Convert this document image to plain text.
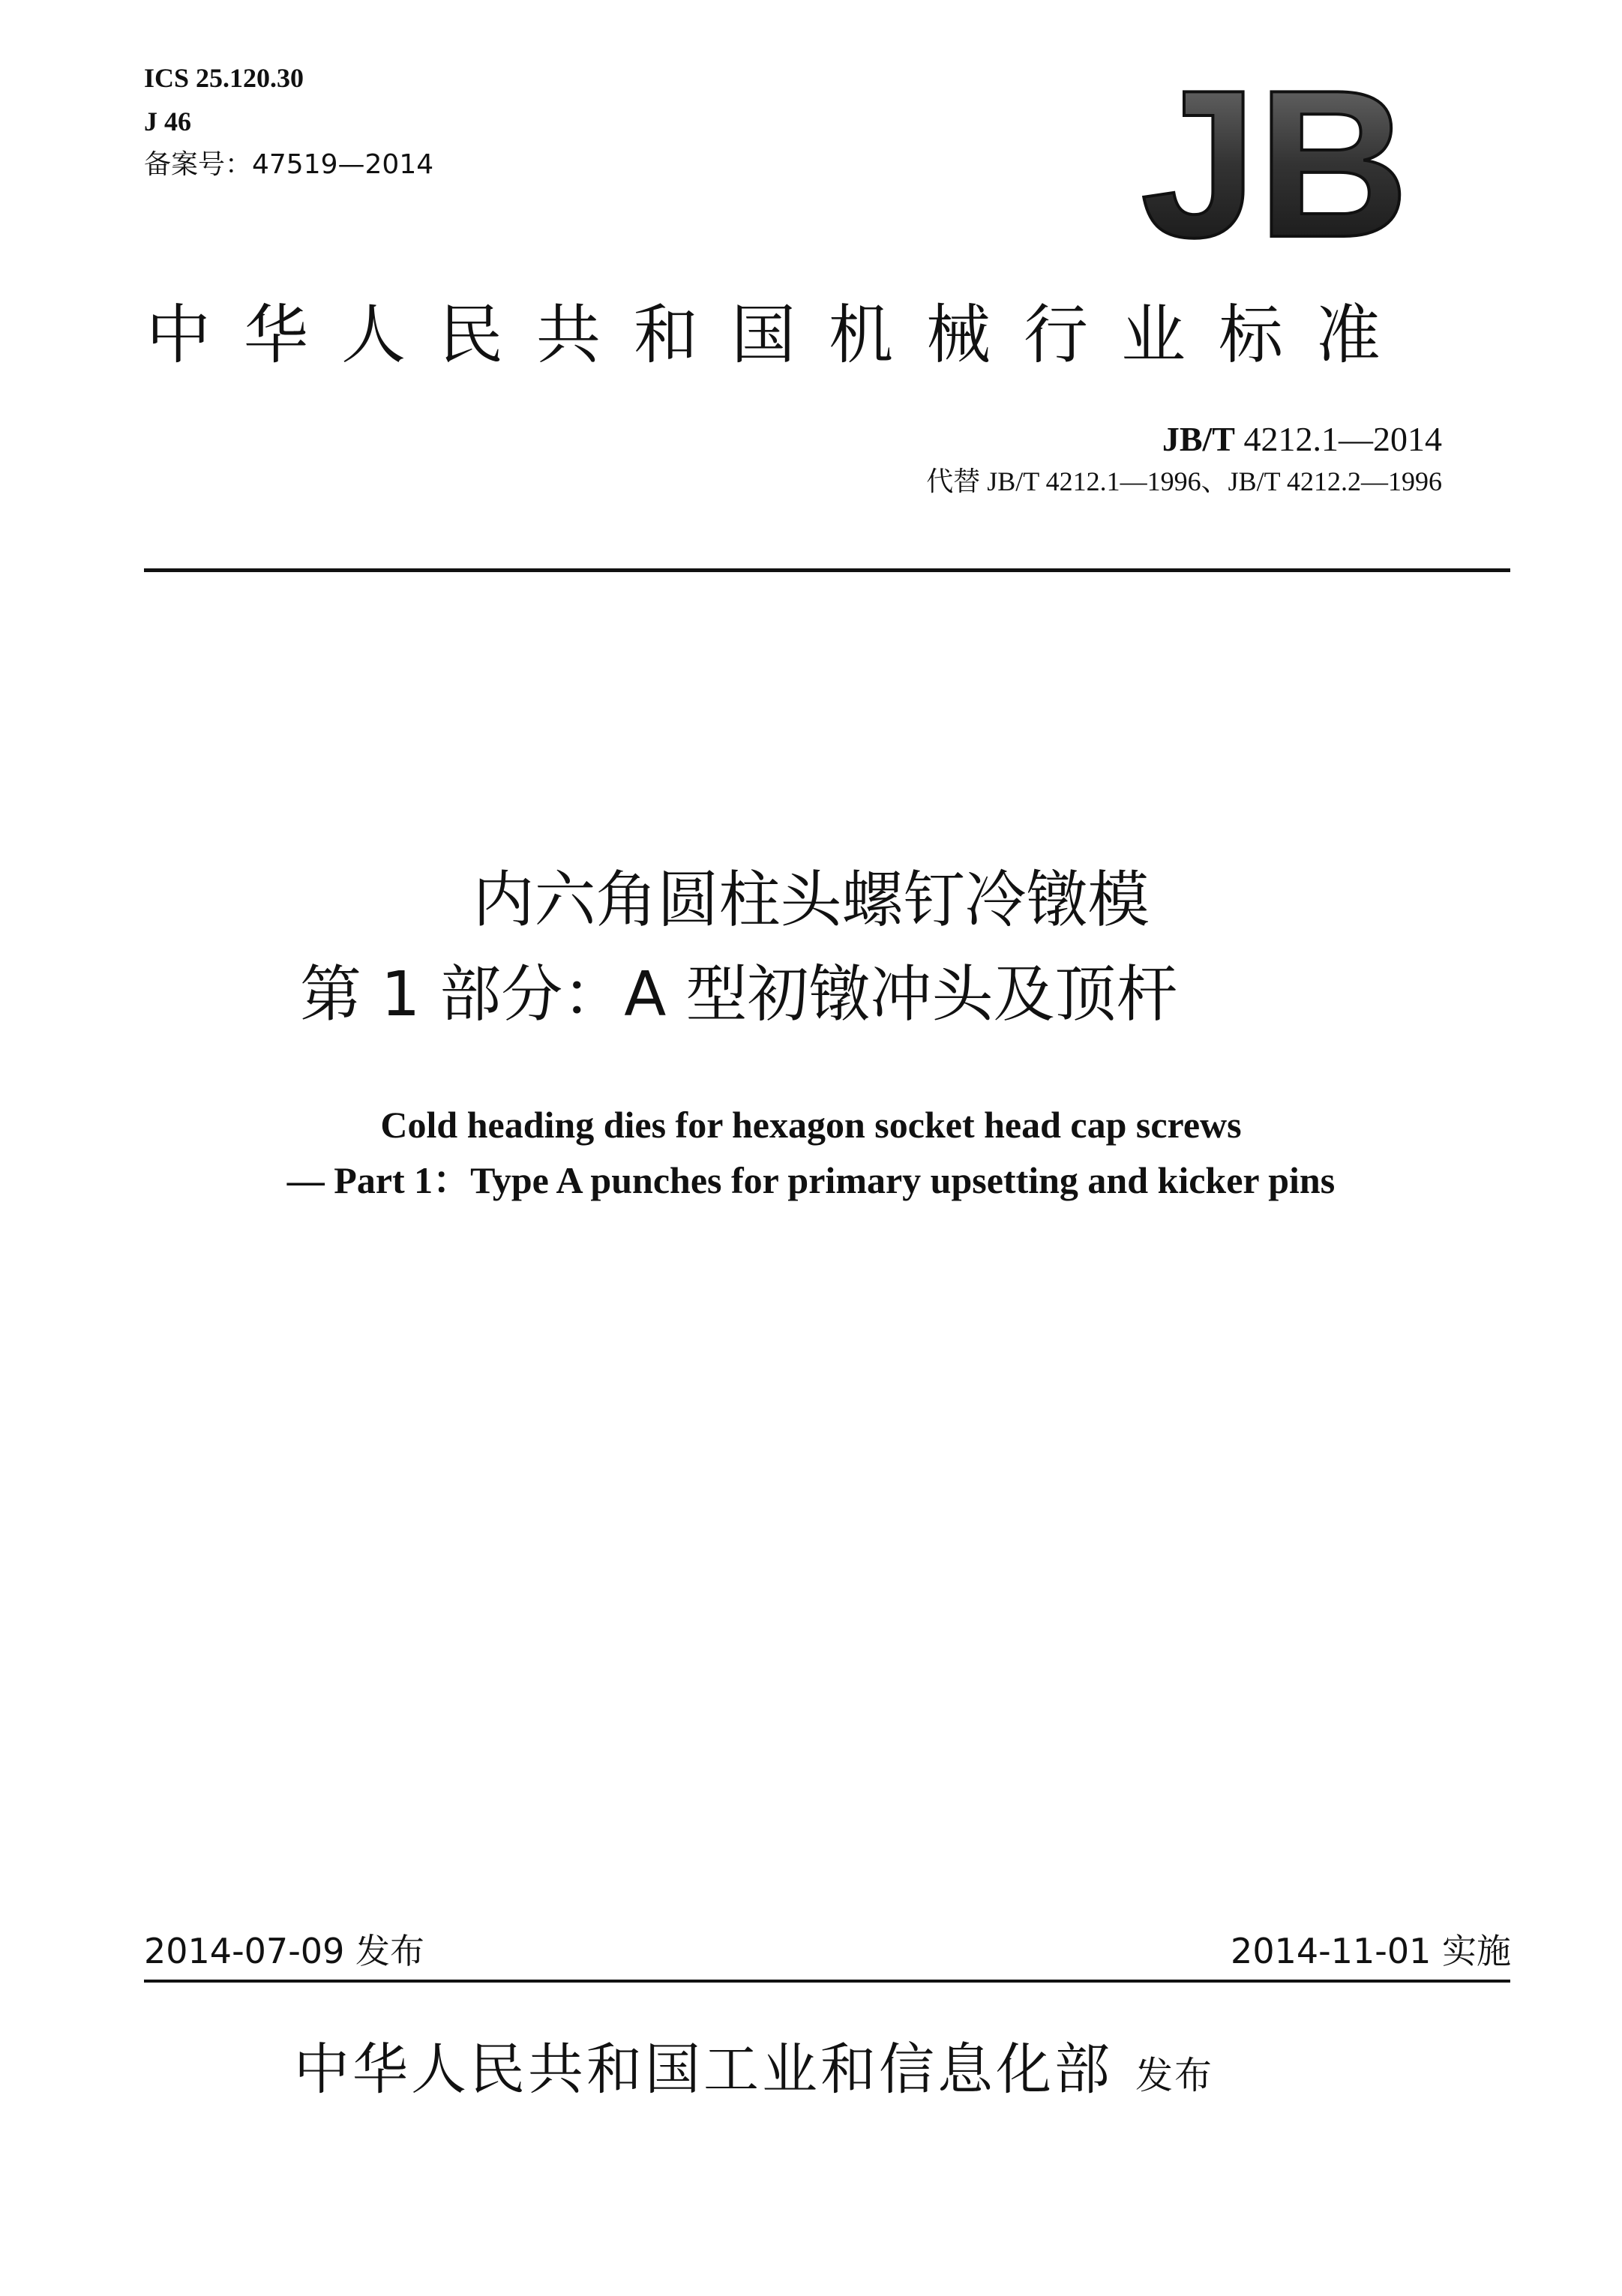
ICS 25.120.30
J 46
备案号：47519—2014	JB
中华人民共和国机械行业标准
JB/T 4212.1—2014
代替 JB/T 4212.1—1996、JB/T 4212.2—1996
内六角圆柱头螺钉冷镦模
第 1 部分：A 型初镦冲头及顶杆
Cold heading dies for hexagon socket head cap screws
— Part 1：Type A punches for primary upsetting and kicker pins
2014-07-09 发布	2014-11-01 实施
中华人民共和国工业和信息化部 发布
